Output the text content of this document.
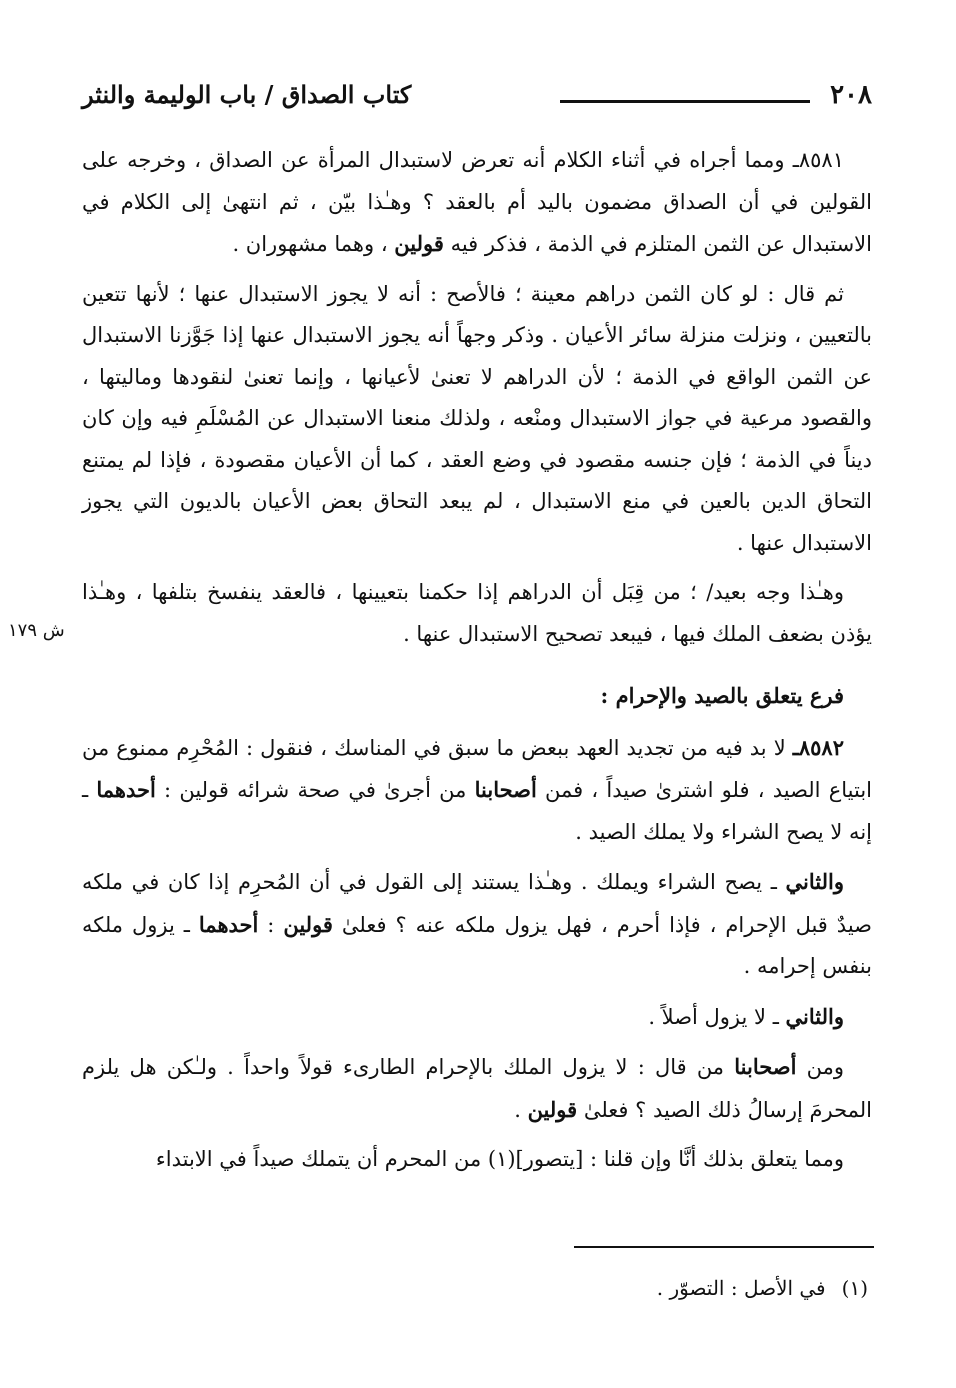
٢٠٨
كتاب الصداق / باب الوليمة والنثر

٨٥٨١ـ ومما أجراه في أثناء الكلام أنه تعرض لاستبدال المرأة عن الصداق ، وخرجه على القولين في أن الصداق مضمون باليد أم بالعقد ؟ وهـٰذا بيّن ، ثم انتهىٰ إلى الكلام في الاستبدال عن الثمن المتلزم في الذمة ، فذكر فيه قولين ، وهما مشهوران .

ثم قال : لو كان الثمن دراهم معينة ؛ فالأصح : أنه لا يجوز الاستبدال عنها ؛ لأنها تتعين بالتعيين ، ونزلت منزلة سائر الأعيان . وذكر وجهاً أنه يجوز الاستبدال عنها إذا جَوَّزنا الاستبدال عن الثمن الواقع في الذمة ؛ لأن الدراهم لا تعنىٰ لأعيانها ، وإنما تعنىٰ لنقودها وماليتها ، والقصود مرعية في جواز الاستبدال ومنْعه ، ولذلك منعنا الاستبدال عن المُسْلَمِ فيه وإن كان ديناً في الذمة ؛ فإن جنسه مقصود في وضع العقد ، كما أن الأعيان مقصودة ، فإذا لم يمتنع التحاق الدين بالعين في منع الاستبدال ، لم يبعد التحاق بعض الأعيان بالديون التي يجوز الاستبدال عنها .

وهـٰذا وجه بعيد/ ؛ من قِبَل أن الدراهم إذا حكمنا بتعيينها ، فالعقد ينفسخ بتلفها ، وهـٰذا يؤذن بضعف الملك فيها ، فيبعد تصحيح الاستبدال عنها .

فرع يتعلق بالصيد والإحرام :

٨٥٨٢ـ لا بد فيه من تجديد العهد ببعض ما سبق في المناسك ، فنقول : المُحْرِم ممنوع من ابتياع الصيد ، فلو اشترىٰ صيداً ، فمن أصحابنا من أجرىٰ في صحة شرائه قولين : أحدهما ـ إنه لا يصح الشراء ولا يملك الصيد .

والثاني ـ يصح الشراء ويملك . وهـٰذا يستند إلى القول في أن المُحرِم إذا كان في ملكه صيدٌ قبل الإحرام ، فإذا أحرم ، فهل يزول ملكه عنه ؟ فعلىٰ قولين : أحدهما ـ يزول ملكه بنفس إحرامه .

والثاني ـ لا يزول أصلاً .

ومن أصحابنا من قال : لا يزول الملك بالإحرام الطارىء قولاً واحداً . ولـٰكن هل يلزم المحرمَ إرسالُ ذلك الصيد ؟ فعلىٰ قولين .

ومما يتعلق بذلك أنَّا وإن قلنا : [يتصور](١) من المحرم أن يتملك صيداً في الابتداء

ش ١٧٩
(١)في الأصل : التصوّر .
